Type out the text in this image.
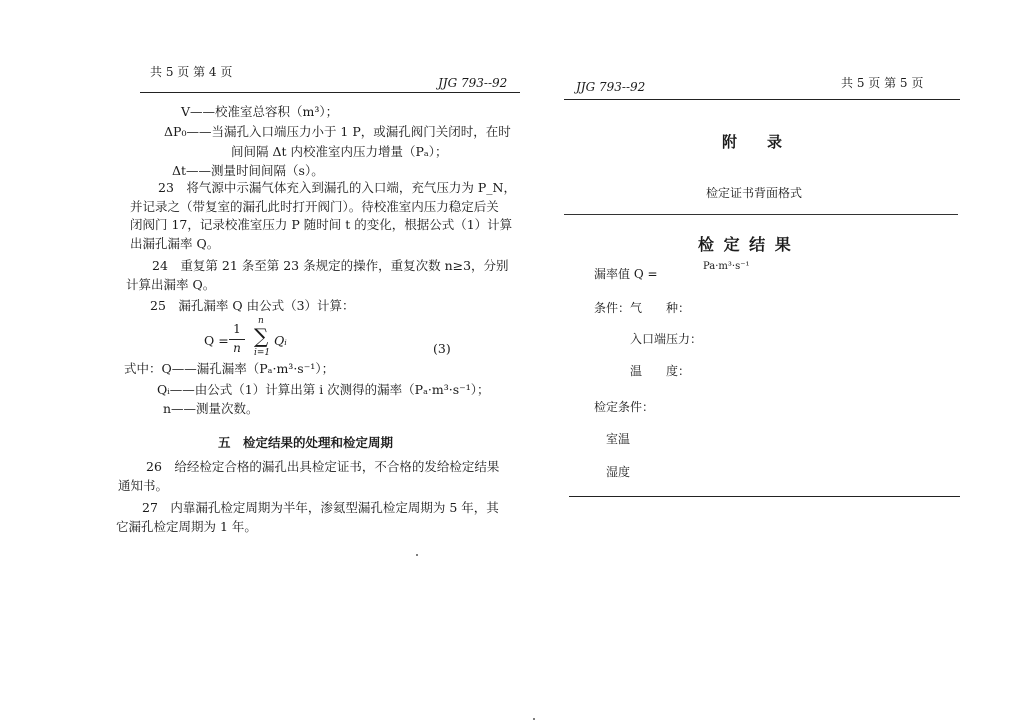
共 5 页 第 4 页
JJG 793--92
V——校准室总容积（m³）；
ΔP₀——当漏孔入口端压力小于 1 P，或漏孔阀门关闭时，在时
间间隔 Δt 内校准室内压力增量（Pₐ）；
Δt——测量时间间隔（s）。
23　将气源中示漏气体充入到漏孔的入口端，充气压力为 P_N，
并记录之（带复室的漏孔此时打开阀门）。待校准室内压力稳定后关
闭阀门 17，记录校准室压力 P 随时间 t 的变化，根据公式（1）计算
出漏孔漏率 Q。
24　重复第 21 条至第 23 条规定的操作，重复次数 n≥3，分别
计算出漏率 Q。
25　漏孔漏率 Q 由公式（3）计算：
Q =
1
n
n
∑
i=1
Qᵢ
(3)
式中：Q——漏孔漏率（Pₐ·m³·s⁻¹）；
Qᵢ——由公式（1）计算出第 i 次测得的漏率（Pₐ·m³·s⁻¹）；
n——测量次数。
五　检定结果的处理和检定周期
26　给经检定合格的漏孔出具检定证书，不合格的发给检定结果
通知书。
27　内靠漏孔检定周期为半年，渗氦型漏孔检定周期为 5 年，其
它漏孔检定周期为 1 年。
JJG 793--92	共 5 页 第 5 页
附　　录
检定证书背面格式
检 定 结 果
漏率值 Q =
Pa·m³·s⁻¹
条件：气　　种：
入口端压力：
温　　度：
检定条件：
室温
湿度
